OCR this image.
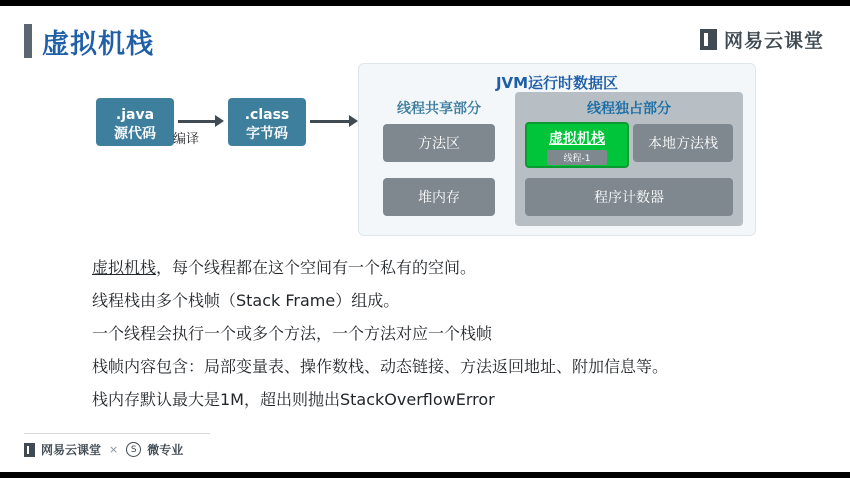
虚拟机栈	网易云课堂
.java
源代码	编译
.class
字节码
JVM运行时数据区
线程共享部分	线程独占部分
方法区
堆内存
虚拟机栈
线程-1
本地方法栈
程序计数器
虚拟机栈，每个线程都在这个空间有一个私有的空间。
线程栈由多个栈帧（Stack Frame）组成。
一个线程会执行一个或多个方法，一个方法对应一个栈帧
栈帧内容包含：局部变量表、操作数栈、动态链接、方法返回地址、附加信息等。
栈内存默认最大是1M，超出则抛出StackOverflowError
网易云课堂 ×	S 微专业
